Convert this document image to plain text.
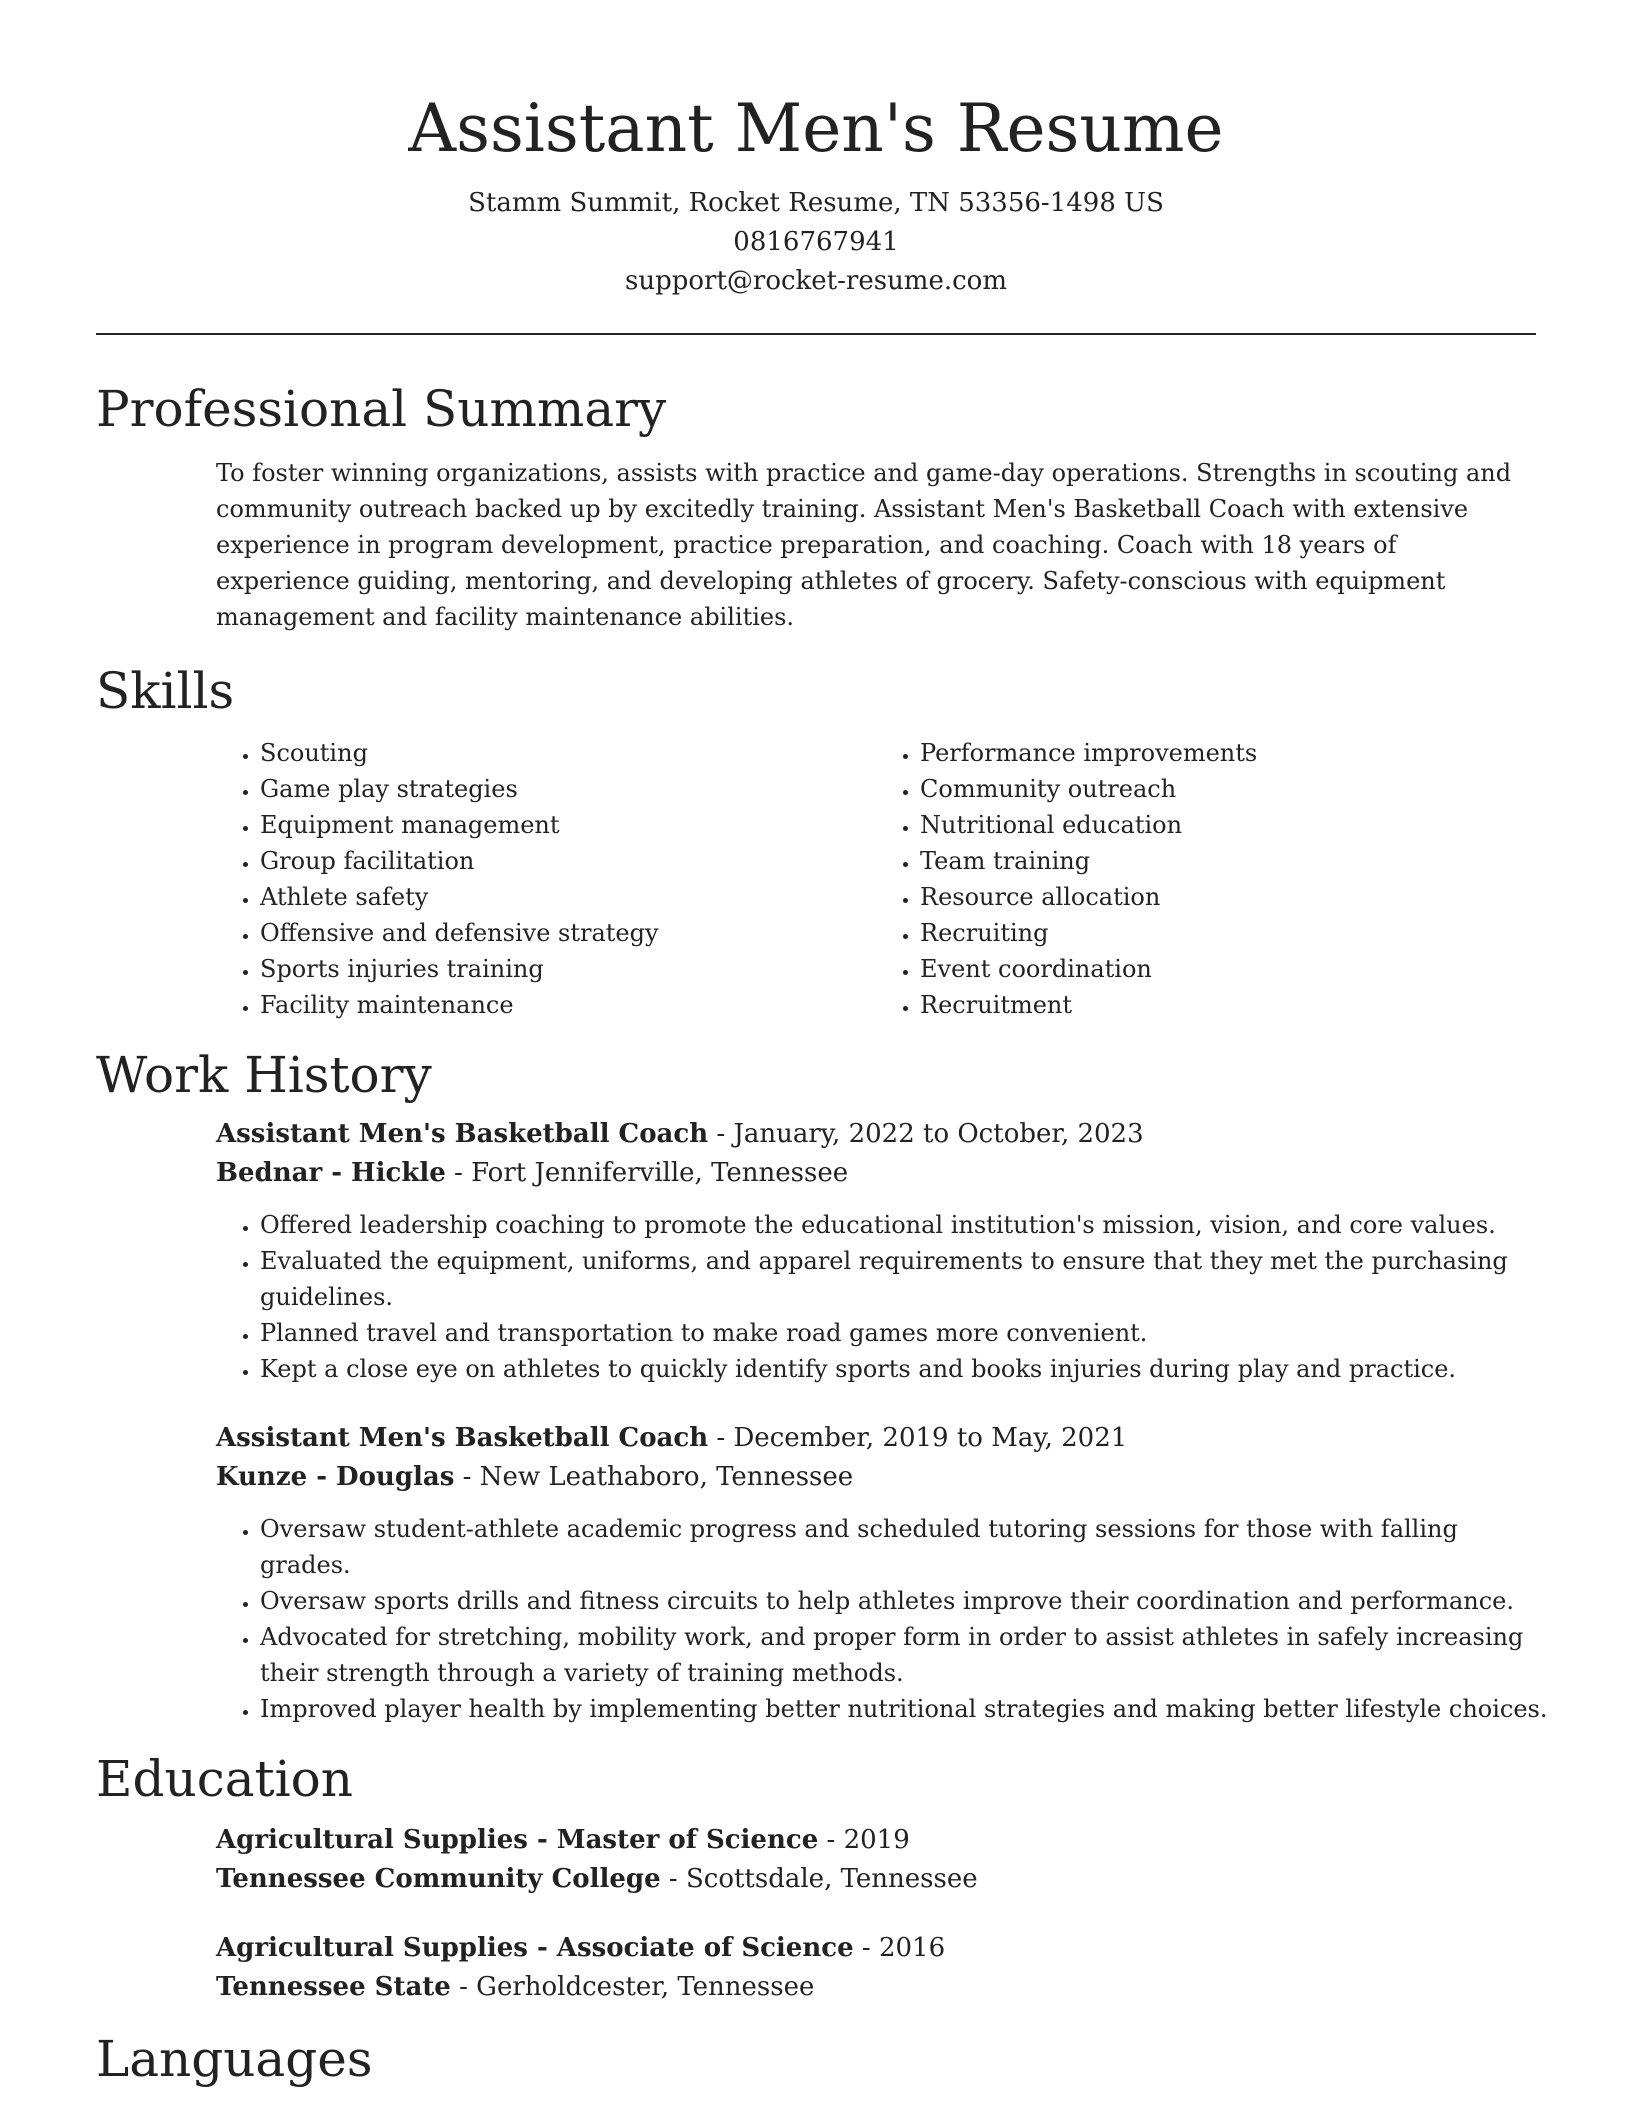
Assistant Men's Resume
Stamm Summit, Rocket Resume, TN 53356-1498 US
0816767941
support@rocket-resume.com
Professional Summary
To foster winning organizations, assists with practice and game-day operations. Strengths in scouting and community outreach backed up by excitedly training. Assistant Men's Basketball Coach with extensive experience in program development, practice preparation, and coaching. Coach with 18 years of experience guiding, mentoring, and developing athletes of grocery. Safety-conscious with equipment management and facility maintenance abilities.
Skills
• Scouting
• Game play strategies
• Equipment management
• Group facilitation
• Athlete safety
• Offensive and defensive strategy
• Sports injuries training
• Facility maintenance
• Performance improvements
• Community outreach
• Nutritional education
• Team training
• Resource allocation
• Recruiting
• Event coordination
• Recruitment
Work History
Assistant Men's Basketball Coach - January, 2022 to October, 2023
Bednar - Hickle - Fort Jenniferville, Tennessee
• Offered leadership coaching to promote the educational institution's mission, vision, and core values.
• Evaluated the equipment, uniforms, and apparel requirements to ensure that they met the purchasing guidelines.
• Planned travel and transportation to make road games more convenient.
• Kept a close eye on athletes to quickly identify sports and books injuries during play and practice.
Assistant Men's Basketball Coach - December, 2019 to May, 2021
Kunze - Douglas - New Leathaboro, Tennessee
• Oversaw student-athlete academic progress and scheduled tutoring sessions for those with falling grades.
• Oversaw sports drills and fitness circuits to help athletes improve their coordination and performance.
• Advocated for stretching, mobility work, and proper form in order to assist athletes in safely increasing their strength through a variety of training methods.
• Improved player health by implementing better nutritional strategies and making better lifestyle choices.
Education
Agricultural Supplies - Master of Science - 2019
Tennessee Community College - Scottsdale, Tennessee
Agricultural Supplies - Associate of Science - 2016
Tennessee State - Gerholdcester, Tennessee
Languages
